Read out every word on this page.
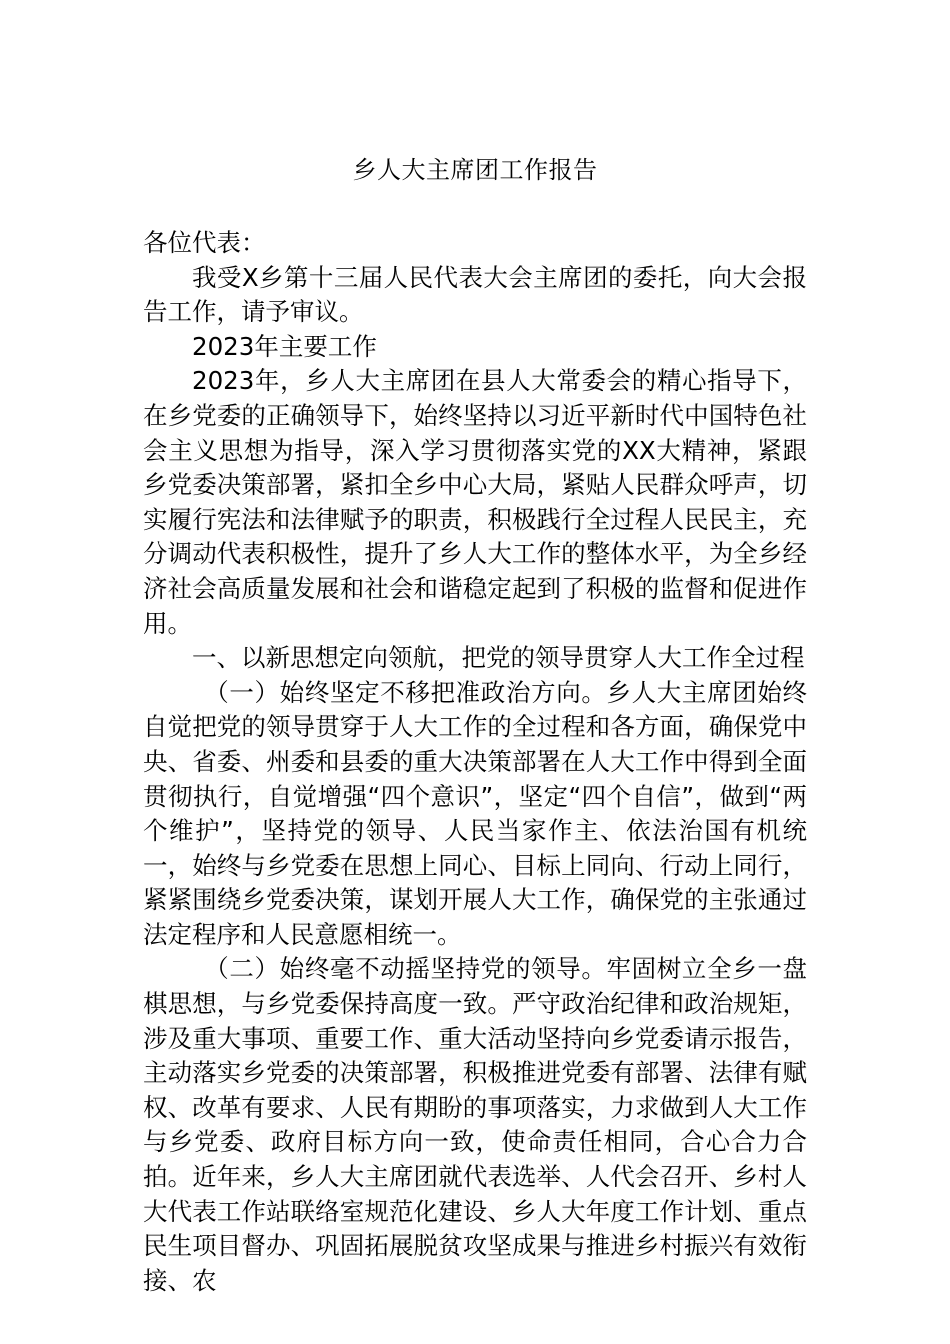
乡人大主席团工作报告

各位代表：

我受X乡第十三届人民代表大会主席团的委托，向大会报告工作，请予审议。

2023年主要工作

2023年，乡人大主席团在县人大常委会的精心指导下，在乡党委的正确领导下，始终坚持以习近平新时代中国特色社会主义思想为指导，深入学习贯彻落实党的XX大精神，紧跟乡党委决策部署，紧扣全乡中心大局，紧贴人民群众呼声，切实履行宪法和法律赋予的职责，积极践行全过程人民民主，充分调动代表积极性，提升了乡人大工作的整体水平，为全乡经济社会高质量发展和社会和谐稳定起到了积极的监督和促进作用。

一、以新思想定向领航，把党的领导贯穿人大工作全过程

（一）始终坚定不移把准政治方向。乡人大主席团始终自觉把党的领导贯穿于人大工作的全过程和各方面，确保党中央、省委、州委和县委的重大决策部署在人大工作中得到全面贯彻执行，自觉增强“四个意识”，坚定“四个自信”，做到“两个维护”，坚持党的领导、人民当家作主、依法治国有机统一，始终与乡党委在思想上同心、目标上同向、行动上同行，紧紧围绕乡党委决策，谋划开展人大工作，确保党的主张通过法定程序和人民意愿相统一。

（二）始终毫不动摇坚持党的领导。牢固树立全乡一盘棋思想，与乡党委保持高度一致。严守政治纪律和政治规矩，涉及重大事项、重要工作、重大活动坚持向乡党委请示报告，主动落实乡党委的决策部署，积极推进党委有部署、法律有赋权、改革有要求、人民有期盼的事项落实，力求做到人大工作与乡党委、政府目标方向一致，使命责任相同，合心合力合拍。近年来，乡人大主席团就代表选举、人代会召开、乡村人大代表工作站联络室规范化建设、乡人大年度工作计划、重点民生项目督办、巩固拓展脱贫攻坚成果与推进乡村振兴有效衔接、农
